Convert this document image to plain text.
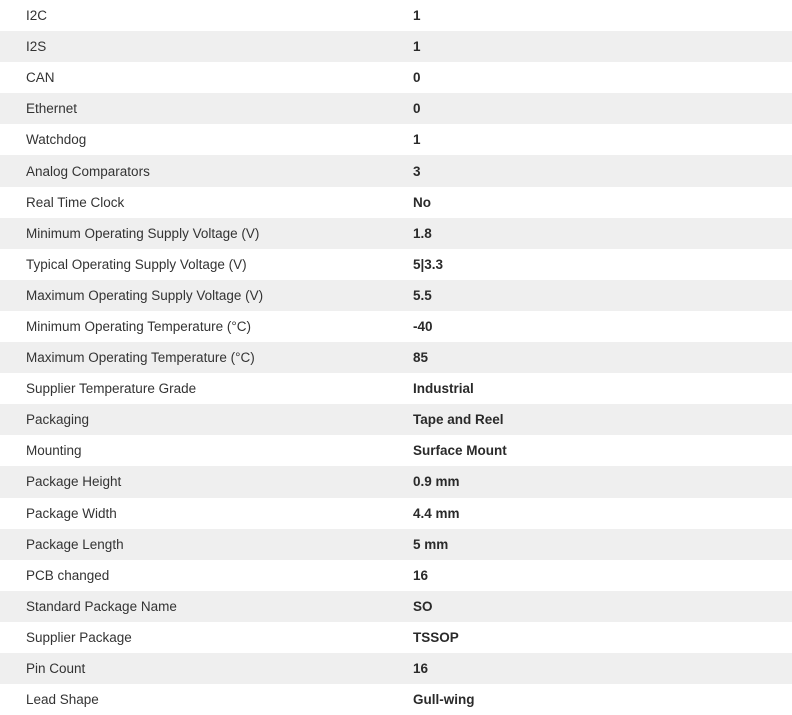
I2C	1
I2S	1
CAN	0
Ethernet	0
Watchdog	1
Analog Comparators	3
Real Time Clock	No
Minimum Operating Supply Voltage (V)	1.8
Typical Operating Supply Voltage (V)	5|3.3
Maximum Operating Supply Voltage (V)	5.5
Minimum Operating Temperature (°C)	-40
Maximum Operating Temperature (°C)	85
Supplier Temperature Grade	Industrial
Packaging	Tape and Reel
Mounting	Surface Mount
Package Height	0.9 mm
Package Width	4.4 mm
Package Length	5 mm
PCB changed	16
Standard Package Name	SO
Supplier Package	TSSOP
Pin Count	16
Lead Shape	Gull-wing
